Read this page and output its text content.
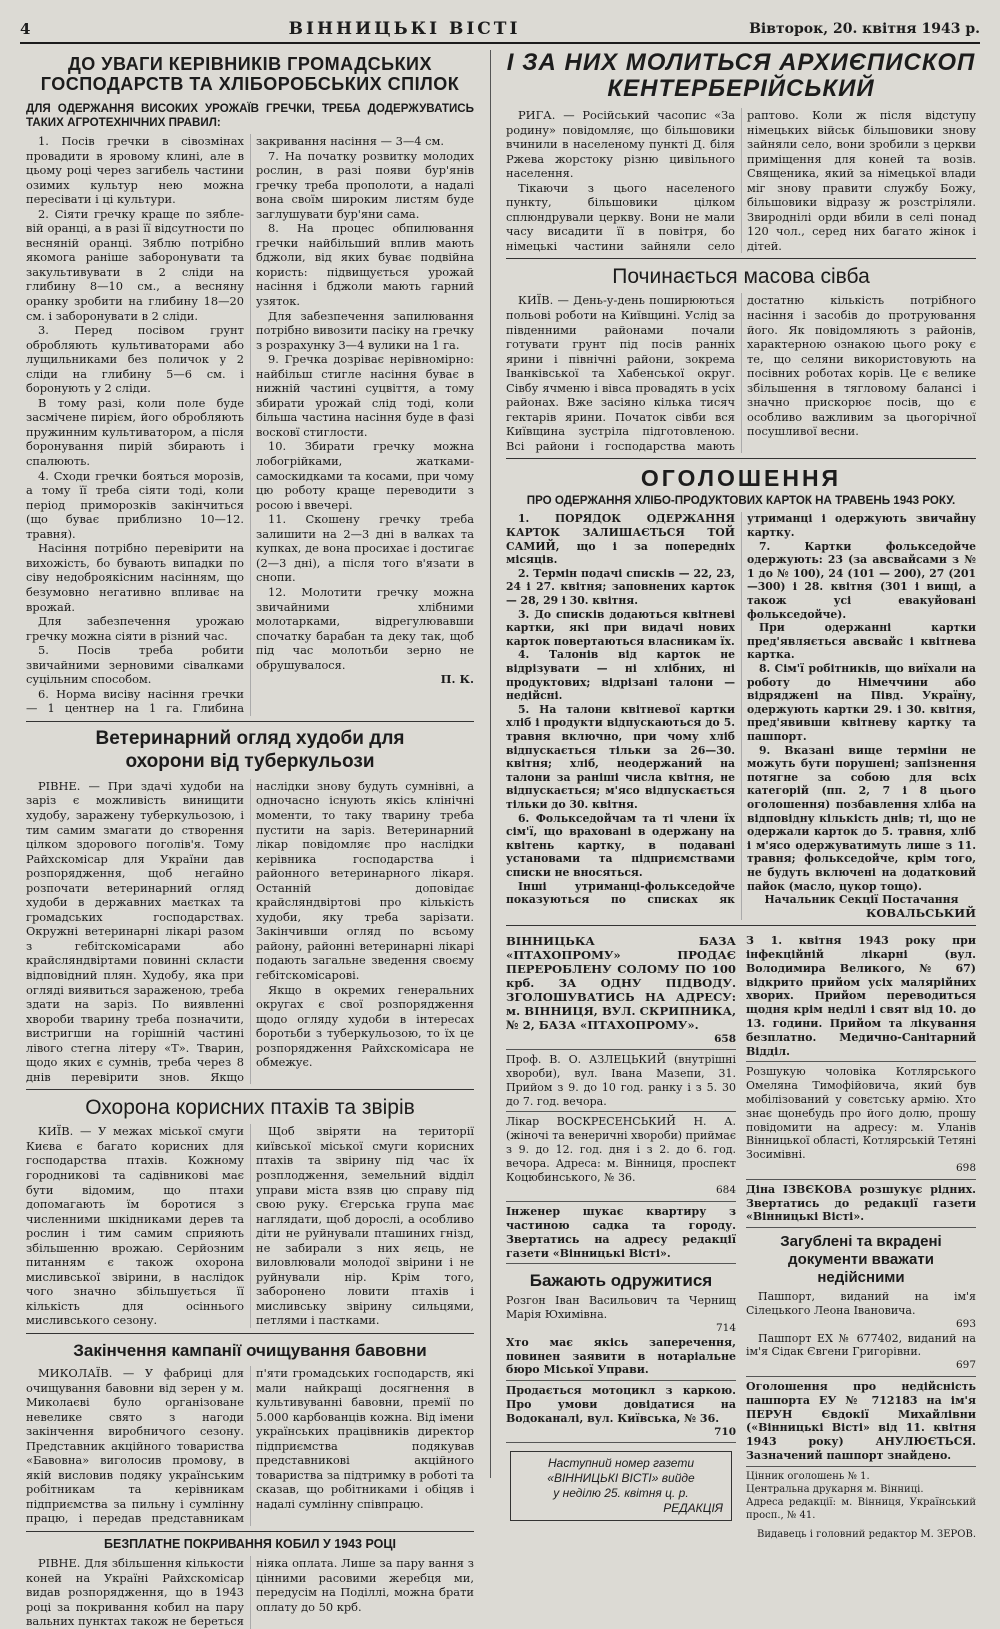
4	ВІННИЦЬКІ ВІСТІ	Вівторок, 20. квітня 1943 р.
ДО УВАГИ КЕРІВНИКІВ ГРОМАДСЬКИХ ГОСПОДАРСТВ ТА ХЛІБОРОБСЬКИХ СПІЛОК
ДЛЯ ОДЕРЖАННЯ ВИСОКИХ УРОЖАЇВ ГРЕЧКИ, ТРЕБА ДОДЕРЖУВАТИСЬ ТАКИХ АГРОТЕХНІЧНИХ ПРАВИЛ:

1. Посів гречки в сівозмінах провадити в яровому клині, але в цьому році через загибель частини озимих культур нею можна пересівати і ці культури.

2. Сіяти гречку краще по зяблевій оранці, а в разі її відсутности по весняній оранці. Зяблю потрібно якомога раніше заборонувати та закультивувати в 2 сліди на глибину 8—10 см., а весняну оранку зробити на глибину 18—20 см. і заборонувати в 2 сліди.

3. Перед посівом грунт обробляють культиваторами або лущильниками без поличок у 2 сліди на глибину 5—6 см. і боронують у 2 сліди.

В тому разі, коли поле буде засмічене пирієм, його обробляють пружинним культиватором, а після боронування пирій збирають і спалюють.

4. Сходи гречки бояться морозів, а тому її треба сіяти тоді, коли період приморозків закінчиться (що буває приблизно 10—12. травня).

Насіння потрібно перевірити на вихожість, бо бувають випадки по сіву недоброякісним насінням, що безумовно негативно впливає на врожай.

Для забезпечення урожаю гречку можна сіяти в різний час.

5. Посів треба робити звичайними зерновими сівалками суцільним способом.

6. Норма висіву насіння гречки — 1 центнер на 1 га. Глибина закривання насіння — 3—4 см.

7. На початку розвитку молодих рослин, в разі появи бур'янів гречку треба прополоти, а надалі вона своїм широким листям буде заглушувати бур'яни сама.

8. На процес обпилювання гречки найбільший вплив мають бджоли, від яких буває подвійна користь: підвищується урожай насіння і бджоли мають гарний узяток.

Для забезпечення запилювання потрібно вивозити пасіку на гречку з розрахунку 3—4 вулики на 1 га.

9. Гречка дозріває нерівномірно: найбільш стигле насіння буває в нижній частині суцвіття, а тому збирати урожай слід тоді, коли більша частина насіння буде в фазі восковї стиглости.

10. Збирати гречку можна лобогрійками, жатками-самоскидками та косами, при чому цю роботу краще переводити з росою і ввечері.

11. Скошену гречку треба залишити на 2—3 дні в валках та купках, де вона просихає і достигає (2—3 дні), а після того в'язати в снопи.

12. Молотити гречку можна звичайними хлібними молотарками, відрегулювавши спочатку барабан та деку так, щоб під час молотьби зерно не обрушувалося.

П. К.

Ветеринарний огляд худоби для охорони від туберкульози

РІВНЕ. — При здачі худоби на заріз є можливість винищити худобу, заражену туберкульозою, і тим самим змагати до створення цілком здорового поголів'я. Тому Райхскомісар для України дав розпорядження, щоб негайно розпочати ветеринарний огляд худоби в державних маєтках та громадських господарствах. Окружні ветеринарні лікарі разом з гебітскомісарами або крайсляндвіртами повинні скласти відповідний плян. Худобу, яка при огляді виявиться зараженою, треба здати на заріз. По виявленні хвороби тварину треба позначити, вистригши на горішній частині лівого стегна літеру «Т». Тварин, щодо яких є сумнів, треба через 8 днів перевірити знов. Якщо наслідки знову будуть сумнівні, а одночасно існують якісь клінічні моменти, то таку тварину треба пустити на заріз. Ветеринарний лікар повідомляє про наслідки керівника господарства і районного ветеринарного лікаря. Останній доповідає крайсляндвіртові про кількість худоби, яку треба зарізати. Закінчивши огляд по всьому району, районні ветеринарні лікарі подають загальне зведення своєму гебітскомісарові.

Якщо в окремих генеральних округах є свої розпорядження щодо огляду худоби в інтересах боротьби з туберкульозою, то їх це розпорядження Райхскомісара не обмежує.

Охорона корисних птахів та звірів

КИЇВ. — У межах міської смуги Києва є багато корисних для господарства птахів. Кожному городникові та садівникові має бути відомим, що птахи допомагають їм боротися з численними шкідниками дерев та рослин і тим самим сприяють збільшенню врожаю. Серйозним питанням є також охорона мисливської звірини, в наслідок чого значно збільшується її кількість для осіннього мисливського сезону.

Щоб звіряти на території київської міської смуги корисних птахів та звірину під час їх розплодження, земельний відділ управи міста взяв цю справу під свою руку. Єгерська група має наглядати, щоб дорослі, а особливо діти не руйнували пташиних гнізд, не забирали з них яєць, не виловлювали молодої звірини і не руйнували нір. Крім того, заборонено ловити птахів і мисливську звірину сильцями, петлями і пастками.

Закінчення кампанії очищування бавовни

МИКОЛАЇВ. — У фабриці для очищування бавовни від зерен у м. Миколаєві було організоване невелике свято з нагоди закінчення виробничого сезону. Представник акційного товариства «Бавовна» виголосив промову, в якій висловив подяку українським робітникам та керівникам підприємства за пильну і сумлінну працю, і передав представникам п'яти громадських господарств, які мали найкращі досягнення в культивуванні бавовни, премії по 5.000 карбованців кожна. Від імени українських працівників директор підприємства подякував представникові акційного товариства за підтримку в роботі та сказав, що робітниками і обіцяв і надалі сумлінну співпрацю.

БЕЗПЛАТНЕ ПОКРИВАННЯ КОБИЛ У 1943 РОЦІ

РІВНЕ. Для збільшення кількости коней на Україні Райхскомісар видав розпорядження, що в 1943 році за покривання кобил на пару вальних пунктах також не береться ніяка оплата. Лише за пару вання з цінними расовими жеребця ми, передусім на Поділлі, можна брати оплату до 50 крб.

І ЗА НИХ МОЛИТЬСЯ АРХИЄПИСКОП КЕНТЕРБЕРІЙСЬКИЙ

РИГА. — Російський часопис «За родину» повідомляє, що більшовики вчинили в населеному пункті Д. біля Ржева жорстоку різню цивільного населення.

Тікаючи з цього населеного пункту, більшовики цілком сплюндрували церкву. Вони не мали часу висадити її в повітря, бо німецькі частини зайняли село раптово. Коли ж після відступу німецьких військ більшовики знову зайняли село, вони зробили з церкви приміщення для коней та возів. Священика, який за німецької влади міг знову правити службу Божу, більшовики відразу ж розстріляли. Звироднілі орди вбили в селі понад 120 чол., серед них багато жінок і дітей.

Починається масова сівба

КИЇВ. — День-у-день поширюються польові роботи на Київщині. Услід за південними районами почали готувати грунт під посів ранніх ярини і північні райони, зокрема Іванківської та Хабенської округ. Сівбу ячменю і вівса провадять в усіх районах. Вже засіяно кілька тисяч гектарів ярини. Початок сівби вся Київщина зустріла підготовленою. Всі райони і господарства мають достатню кількість потрібного насіння і засобів до протруювання його. Як повідомляють з районів, характерною ознакою цього року є те, що селяни використовують на посівних роботах корів. Це є велике збільшення в тягловому балансі і значно прискорює посів, що є особливо важливим за цьогорічної посушливої весни.

ОГОЛОШЕННЯ
ПРО ОДЕРЖАННЯ ХЛІБО-ПРОДУКТОВИХ КАРТОК НА ТРАВЕНЬ 1943 РОКУ.

1. ПОРЯДОК ОДЕРЖАННЯ КАРТОК ЗАЛИШАЄТЬСЯ ТОЙ САМИЙ, що і за попередніх місяців.

2. Термін подачі списків — 22, 23, 24 і 27. квітня; заповнених карток — 28, 29 і 30. квітня.

3. До списків додаються квітневі картки, які при видачі нових карток повертаються власникам їх.

4. Талонів від карток не відрізувати — ні хлібних, ні продуктових; відрізані талони — недійсні.

5. На талони квітневої картки хліб і продукти відпускаються до 5. травня включно, при чому хліб відпускається тільки за 26—30. квітня; хліб, неодержаний на талони за раніші числа квітня, не відпускається; м'ясо відпускається тільки до 30. квітня.

6. Фолькседойчам та ті члени їх сім'ї, що враховані в одержану на квітень картку, в подавані установами та підприємствами списки не вносяться.

Інші утриманці-фолькседойче показуються по списках як утриманці і одержують звичайну картку.

7. Картки фолькседойче одержують: 23 (за авсвайсами з № 1 до № 100), 24 (101 — 200), 27 (201—300) і 28. квітня (301 і вищі, а також усі евакуйовані фолькседойче).

При одержанні картки пред'являється авсвайс і квітнева картка.

8. Сім'ї робітників, що виїхали на роботу до Німеччини або відряджені на Півд. Україну, одержують картки 29. і 30. квітня, пред'явивши квітневу картку та пашпорт.

9. Вказані вище терміни не можуть бути порушені; запізнення потягне за собою для всіх категорій (пп. 2, 7 і 8 цього оголошення) позбавлення хліба на відповідну кількість днів; ті, що не одержали карток до 5. травня, хліб і м'ясо одержуватимуть лише з 11. травня; фолькседойче, крім того, не будуть включені на додатковий пайок (масло, цукор тощо).

Начальник Секції Постачання

КОВАЛЬСЬКИЙ

ВІННИЦЬКА БАЗА «ПТАХОПРОМУ» ПРОДАЄ ПЕРЕРОБЛЕНУ СОЛОМУ ПО 100 крб. ЗА ОДНУ ПІДВОДУ. ЗГОЛОШУВАТИСЬ НА АДРЕСУ: м. ВІННИЦЯ, ВУЛ. СКРИПНИКА, № 2, БАЗА «ПТАХОПРОМУ».

658

Проф. В. О. АЗЛЕЦЬКИЙ (внутрішні хвороби), вул. Івана Мазепи, 31. Прийом з 9. до 10 год. ранку і з 5. 30 до 7. год. вечора.

Лікар ВОСКРЕСЕНСЬКИЙ Н. А. (жіночі та венеричні хвороби) приймає з 9. до 12. год. дня і з 2. до 6. год. вечора. Адреса: м. Вінниця, проспект Коцюбинського, № 36.

684

Інженер шукає квартиру з частиною садка та городу. Звертатись на адресу редакції газети «Вінницькі Вісті».

Бажають одружитися

Розгон Іван Васильович та Чернищ Марія Юхимівна.

714

Хто має якісь заперечення, повинен заявити в нотаріальне бюро Міської Управи.

Продається мотоцикл з каркою. Про умови довідатися на Водоканалі, вул. Київська, № 36.

710

Наступний номер газети

«ВІННИЦЬКІ ВІСТІ» вийде

у неділю 25. квітня ц. р.

РЕДАКЦІЯ

З 1. квітня 1943 року при інфекційній лікарні (вул. Володимира Великого, № 67) відкрито прийом усіх малярійних хворих. Прийом переводиться щодня крім неділі і свят від 10. до 13. години. Прийом та лікування безплатно. Медично-Санітарний Відділ.

Розшукую чоловіка Котлярського Омеляна Тимофійовича, який був мобілізований у совєтську армію. Хто знає щонебудь про його долю, прошу повідомити на адресу: м. Уланів Вінницької області, Котлярській Тетяні Зосимівні.

698

Діна ІЗВЄКОВА розшукує рідних. Звертатись до редакції газети «Вінницькі Вісті».

Загублені та вкрадені документи вважати недійсними

Пашпорт, виданий на ім'я Сілецького Леона Івановича.

693

Пашпорт ЕХ № 677402, виданий на ім'я Сідак Євгени Григорівни.

697

Оголошення про недійсність пашпорта ЕУ № 712183 на ім'я ПЕРУН Євдокії Михайлівни («Вінницькі Вісті» від 11. квітня 1943 року) АНУЛЮЄТЬСЯ. Зазначений пашпорт знайдено.

Цінник оголошень № 1.

Центральна друкарня м. Вінниці.

Адреса редакції: м. Вінниця, Український просп., № 41.

Видавець і головний редактор М. ЗЕРОВ.
